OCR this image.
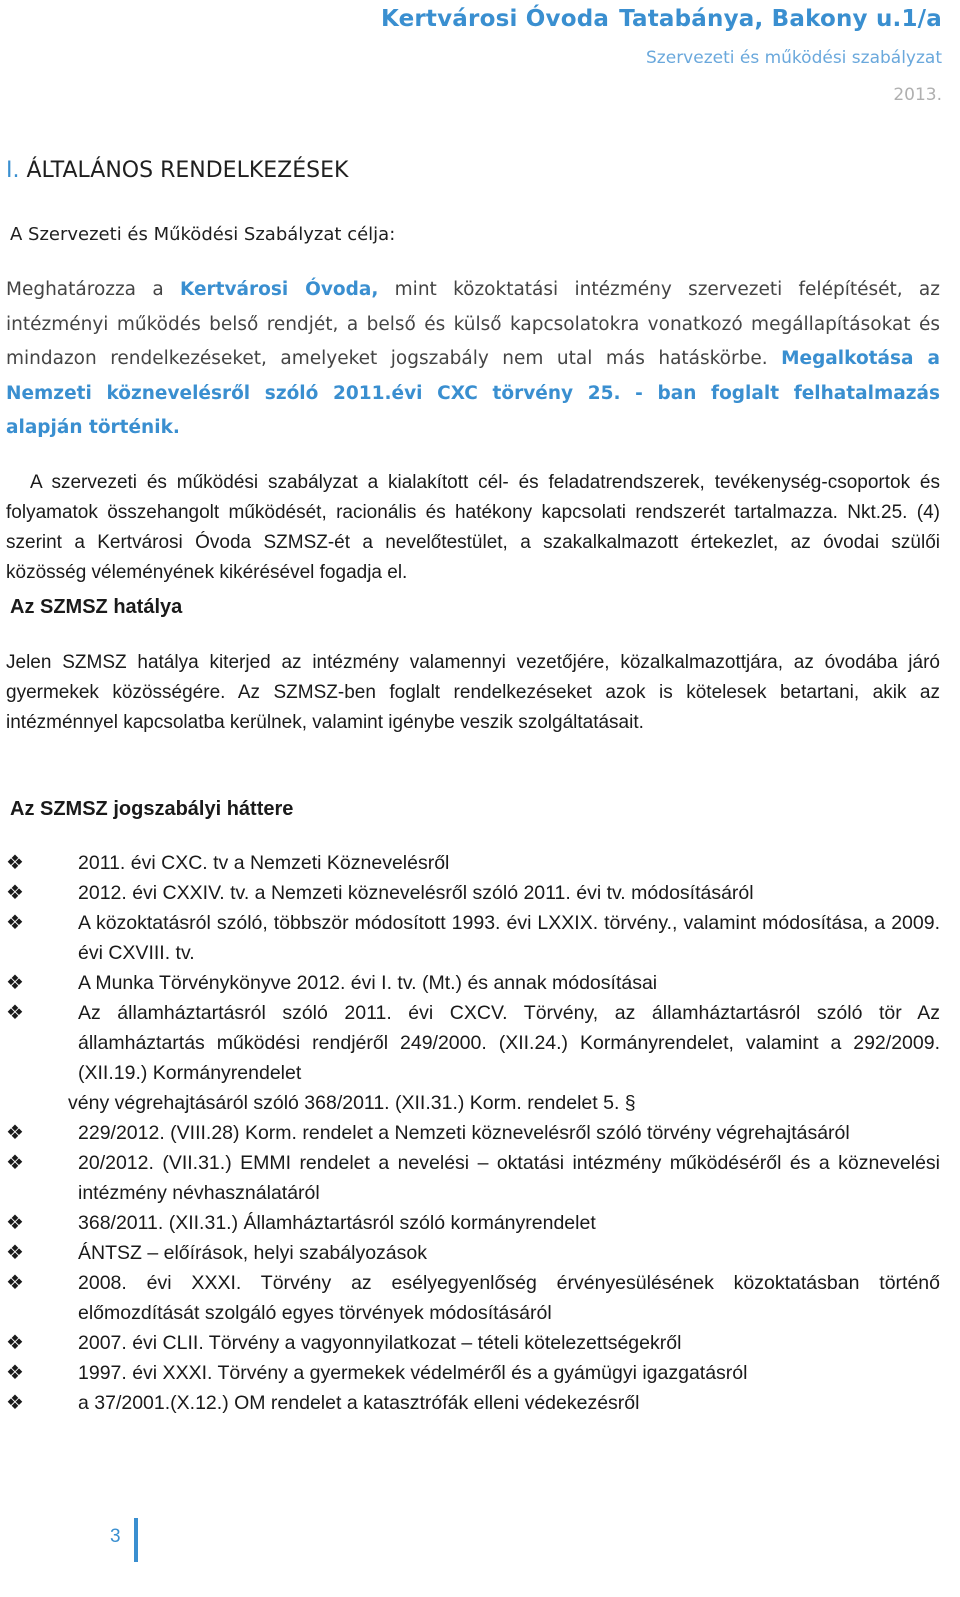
Kertvárosi Óvoda Tatabánya, Bakony u.1/a
Szervezeti és működési szabályzat
2013.
I. ÁLTALÁNOS RENDELKEZÉSEK
A Szervezeti és Működési Szabályzat célja:
Meghatározza a Kertvárosi Óvoda, mint közoktatási intézmény szervezeti felépítését, az intézményi működés belső rendjét, a belső és külső kapcsolatokra vonatkozó megállapításokat és mindazon rendelkezéseket, amelyeket jogszabály nem utal más hatáskörbe. Megalkotása a Nemzeti köznevelésről szóló 2011.évi CXC törvény 25. - ban foglalt felhatalmazás alapján történik.
A szervezeti és működési szabályzat a kialakított cél- és feladatrendszerek, tevékenység-csoportok és folyamatok összehangolt működését, racionális és hatékony kapcsolati rendszerét tartalmazza. Nkt.25. (4) szerint a Kertvárosi Óvoda SZMSZ-ét a nevelőtestület, a szakalkalmazott értekezlet, az óvodai szülői közösség véleményének kikérésével fogadja el.
Az SZMSZ hatálya
Jelen SZMSZ hatálya kiterjed az intézmény valamennyi vezetőjére, közalkalmazottjára, az óvodába járó gyermekek közösségére. Az SZMSZ-ben foglalt rendelkezéseket azok is kötelesek betartani, akik az intézménnyel kapcsolatba kerülnek, valamint igénybe veszik szolgáltatásait.
Az SZMSZ jogszabályi háttere
❖	2011. évi CXC. tv a Nemzeti Köznevelésről
❖	2012. évi CXXIV. tv. a Nemzeti köznevelésről szóló 2011. évi tv. módosításáról
❖	A közoktatásról szóló, többször módosított 1993. évi LXXIX. törvény., valamint módosítása, a 2009. évi CXVIII. tv.
❖	A Munka Törvénykönyve 2012. évi I. tv. (Mt.) és annak módosításai
❖	Az államháztartásról szóló 2011. évi CXCV. Törvény, az államháztartásról szóló tör Az államháztartás működési rendjéről 249/2000. (XII.24.) Kormányrendelet, valamint a 292/2009. (XII.19.) Kormányrendelet
vény végrehajtásáról szóló 368/2011. (XII.31.) Korm. rendelet 5. §
❖	229/2012. (VIII.28) Korm. rendelet a Nemzeti köznevelésről szóló törvény végrehajtásáról
❖	20/2012. (VII.31.) EMMI rendelet a nevelési – oktatási intézmény működéséről és a köznevelési intézmény névhasználatáról
❖	368/2011. (XII.31.) Államháztartásról szóló kormányrendelet
❖	ÁNTSZ – előírások, helyi szabályozások
❖	2008. évi XXXI. Törvény az esélyegyenlőség érvényesülésének közoktatásban történő előmozdítását szolgáló egyes törvények módosításáról
❖	2007. évi CLII. Törvény a vagyonnyilatkozat – tételi kötelezettségekről
❖	1997. évi XXXI. Törvény a gyermekek védelméről és a gyámügyi igazgatásról
❖	a 37/2001.(X.12.) OM rendelet a katasztrófák elleni védekezésről
3
